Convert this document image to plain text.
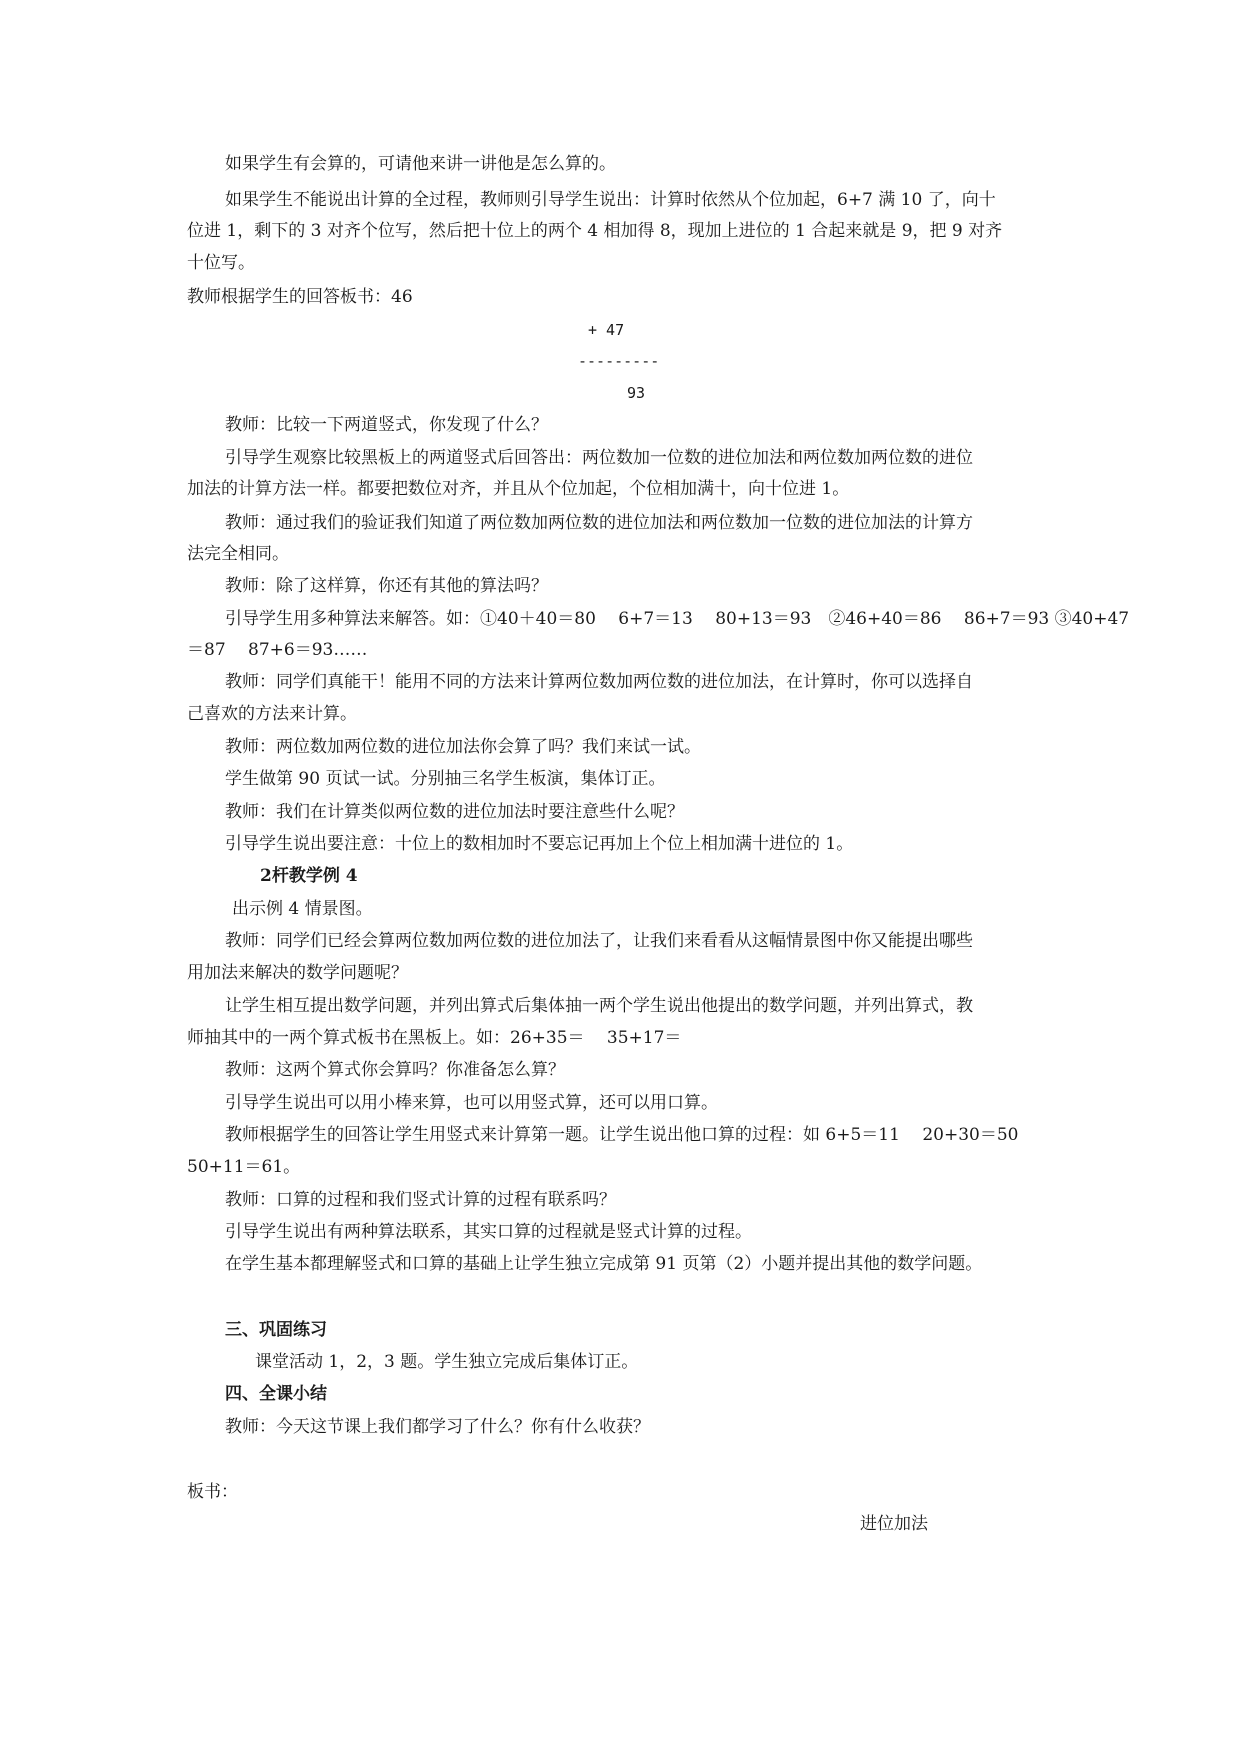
如果学生有会算的，可请他来讲一讲他是怎么算的。
如果学生不能说出计算的全过程，教师则引导学生说出：计算时依然从个位加起，6+7 满 10 了，向十
位进 1，剩下的 3 对齐个位写，然后把十位上的两个 4 相加得 8，现加上进位的 1 合起来就是 9，把 9 对齐
十位写。
教师根据学生的回答板书：46
+ 47
---------
93
教师：比较一下两道竖式，你发现了什么？
引导学生观察比较黑板上的两道竖式后回答出：两位数加一位数的进位加法和两位数加两位数的进位
加法的计算方法一样。都要把数位对齐，并且从个位加起，个位相加满十，向十位进 1。
教师：通过我们的验证我们知道了两位数加两位数的进位加法和两位数加一位数的进位加法的计算方
法完全相同。
教师：除了这样算，你还有其他的算法吗？
引导学生用多种算法来解答。如：①40＋40＝80　 6+7＝13　 80+13＝93　②46+40＝86　 86+7＝93 ③40+47
＝87　 87+6＝93……
教师：同学们真能干！能用不同的方法来计算两位数加两位数的进位加法，在计算时，你可以选择自
己喜欢的方法来计算。
教师：两位数加两位数的进位加法你会算了吗？我们来试一试。
学生做第 90 页试一试。分别抽三名学生板演，集体订正。
教师：我们在计算类似两位数的进位加法时要注意些什么呢？
引导学生说出要注意：十位上的数相加时不要忘记再加上个位上相加满十进位的 1。
2杆教学例 4
出示例 4 情景图。
教师：同学们已经会算两位数加两位数的进位加法了，让我们来看看从这幅情景图中你又能提出哪些
用加法来解决的数学问题呢？
让学生相互提出数学问题，并列出算式后集体抽一两个学生说出他提出的数学问题，并列出算式，教
师抽其中的一两个算式板书在黑板上。如：26+35＝　 35+17＝
教师：这两个算式你会算吗？你准备怎么算？
引导学生说出可以用小棒来算，也可以用竖式算，还可以用口算。
教师根据学生的回答让学生用竖式来计算第一题。让学生说出他口算的过程：如 6+5＝11　 20+30＝50
50+11＝61。
教师：口算的过程和我们竖式计算的过程有联系吗？
引导学生说出有两种算法联系，其实口算的过程就是竖式计算的过程。
在学生基本都理解竖式和口算的基础上让学生独立完成第 91 页第（2）小题并提出其他的数学问题。
三、巩固练习
课堂活动 1，2，3 题。学生独立完成后集体订正。
四、全课小结
教师：今天这节课上我们都学习了什么？你有什么收获？
板书：
进位加法
